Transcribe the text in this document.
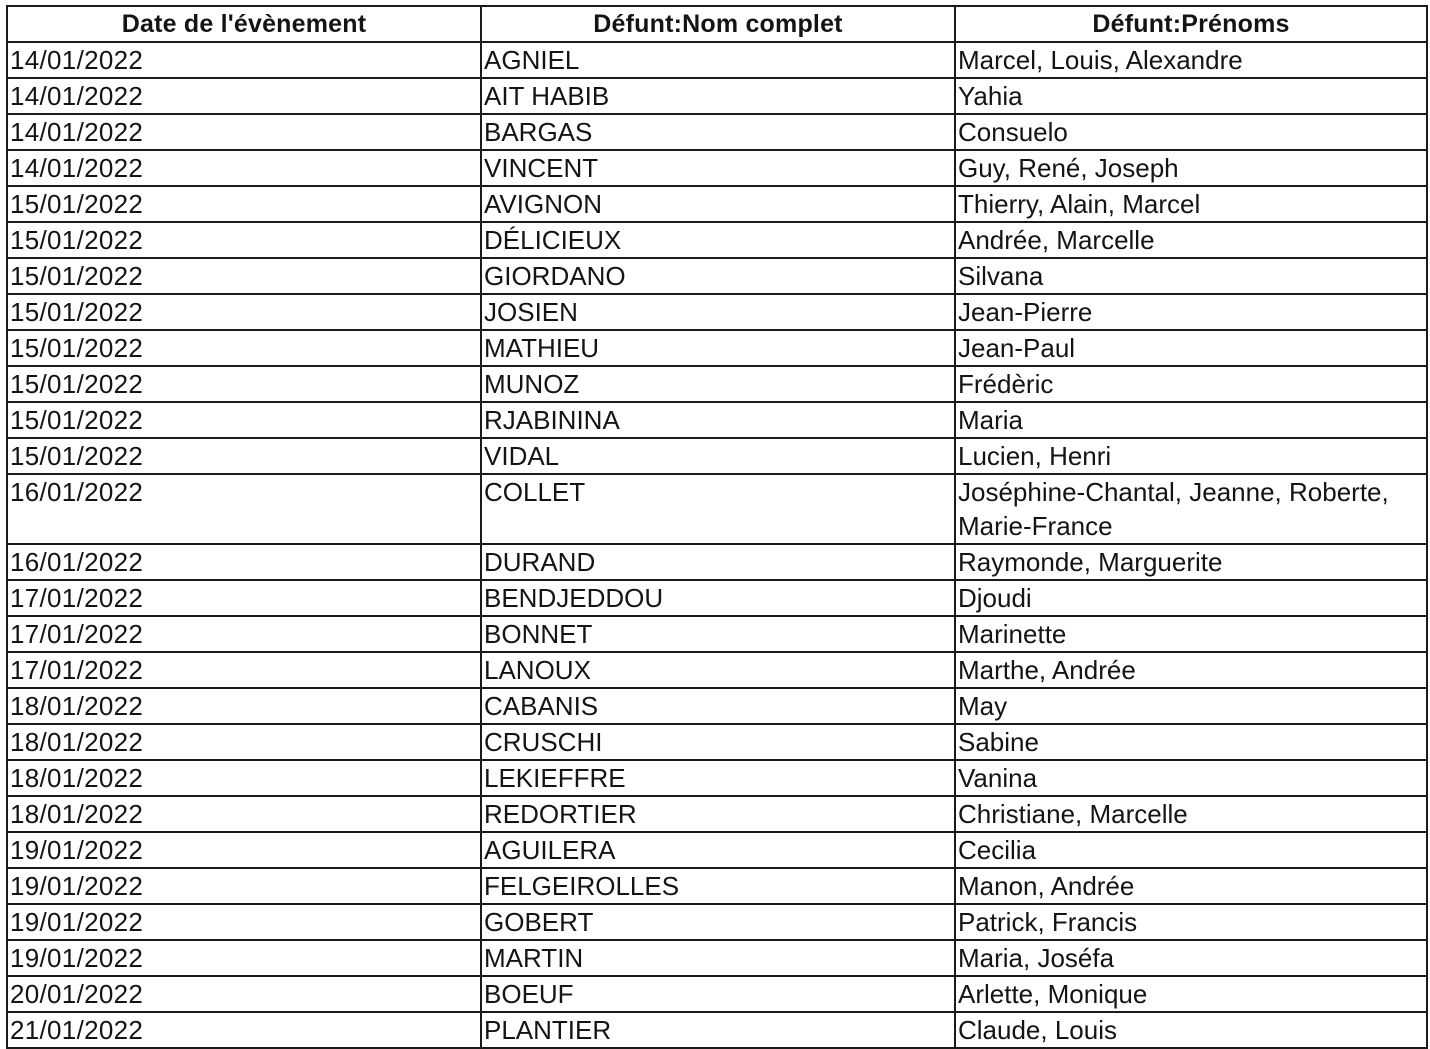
Date de l'évènement	Défunt:Nom complet	Défunt:Prénoms
14/01/2022	AGNIEL	Marcel, Louis, Alexandre
14/01/2022	AIT HABIB	Yahia
14/01/2022	BARGAS	Consuelo
14/01/2022	VINCENT	Guy, René, Joseph
15/01/2022	AVIGNON	Thierry, Alain, Marcel
15/01/2022	DÉLICIEUX	Andrée, Marcelle
15/01/2022	GIORDANO	Silvana
15/01/2022	JOSIEN	Jean-Pierre
15/01/2022	MATHIEU	Jean-Paul
15/01/2022	MUNOZ	Frédèric
15/01/2022	RJABININA	Maria
15/01/2022	VIDAL	Lucien, Henri
16/01/2022	COLLET	Joséphine-Chantal, Jeanne, Roberte, Marie-France
16/01/2022	DURAND	Raymonde, Marguerite
17/01/2022	BENDJEDDOU	Djoudi
17/01/2022	BONNET	Marinette
17/01/2022	LANOUX	Marthe, Andrée
18/01/2022	CABANIS	May
18/01/2022	CRUSCHI	Sabine
18/01/2022	LEKIEFFRE	Vanina
18/01/2022	REDORTIER	Christiane, Marcelle
19/01/2022	AGUILERA	Cecilia
19/01/2022	FELGEIROLLES	Manon, Andrée
19/01/2022	GOBERT	Patrick, Francis
19/01/2022	MARTIN	Maria, Joséfa
20/01/2022	BOEUF	Arlette, Monique
21/01/2022	PLANTIER	Claude, Louis
